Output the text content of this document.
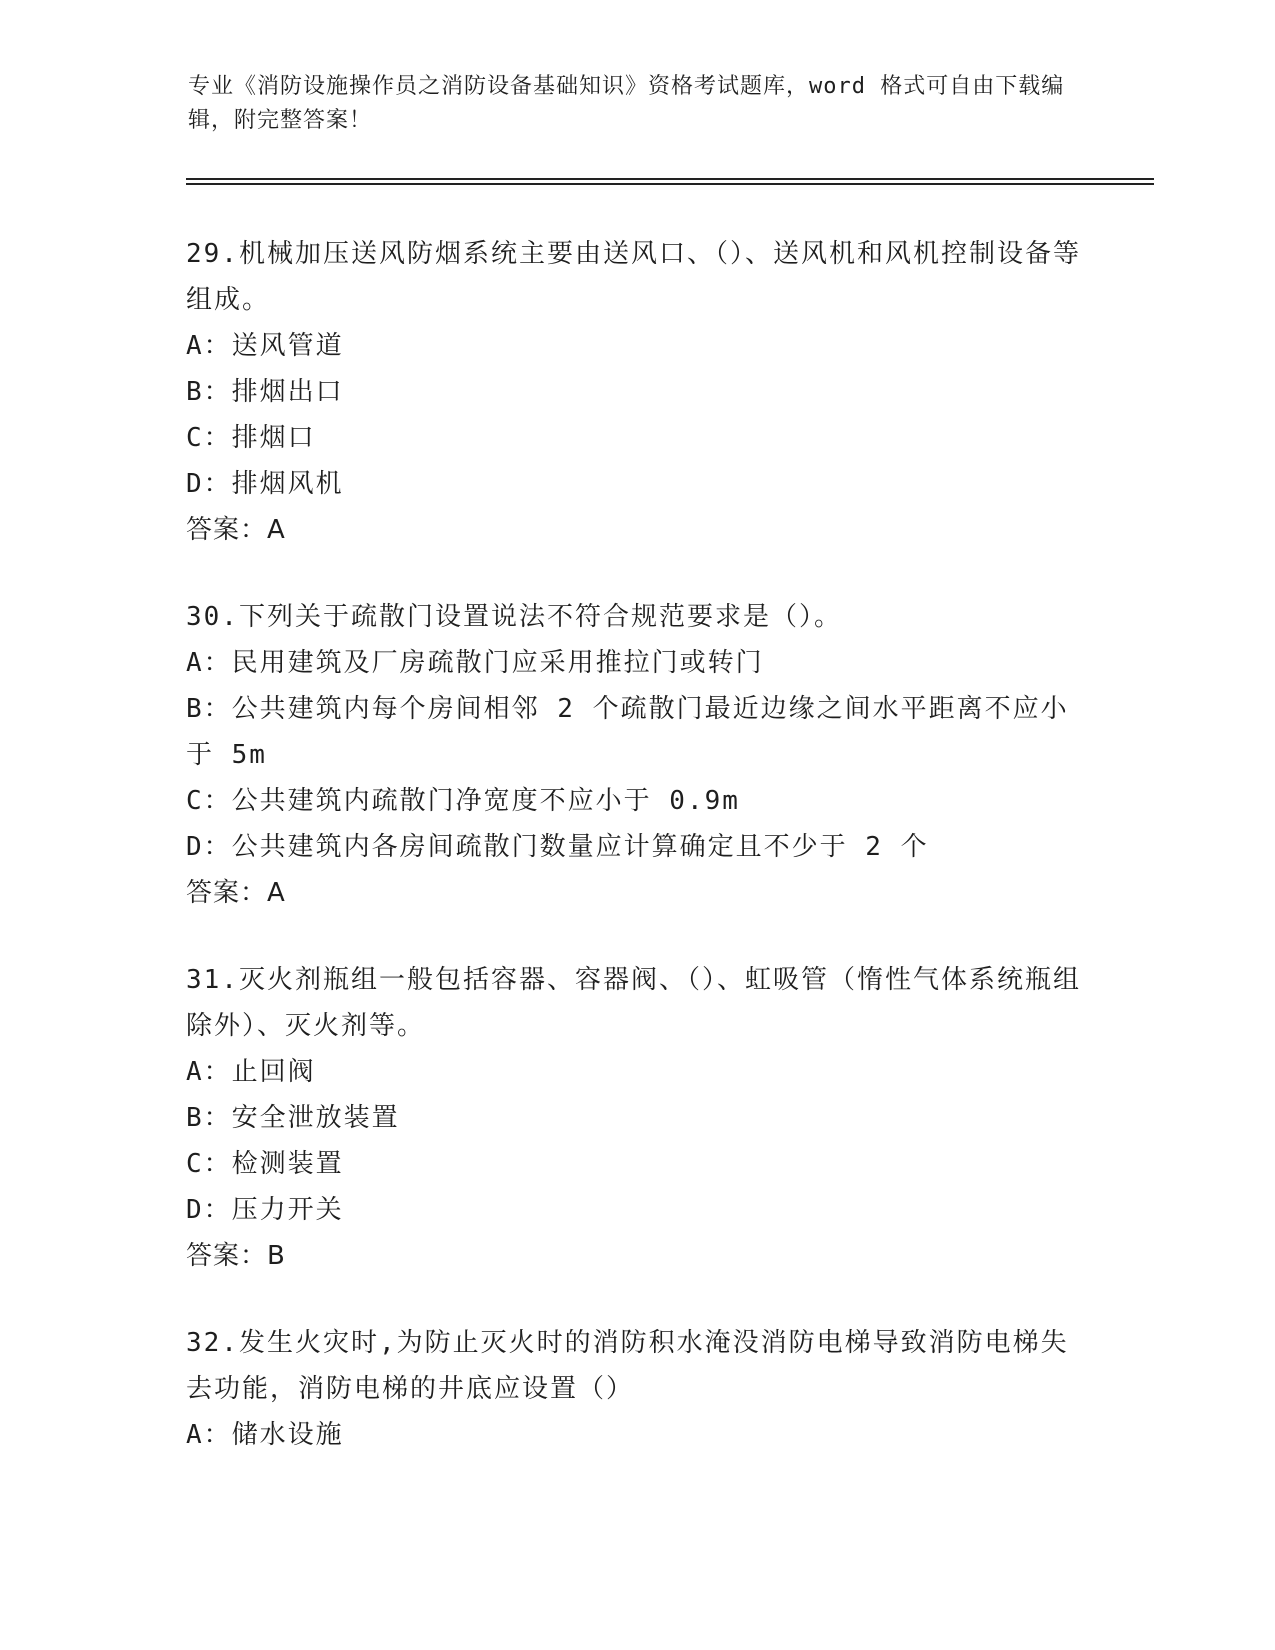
专业《消防设施操作员之消防设备基础知识》资格考试题库，word 格式可自由下载编辑，附完整答案！

29.机械加压送风防烟系统主要由送风口、（）、送风机和风机控制设备等组成。

A：送风管道

B：排烟出口

C：排烟口

D：排烟风机

答案：A

30.下列关于疏散门设置说法不符合规范要求是（）。

A：民用建筑及厂房疏散门应采用推拉门或转门

B：公共建筑内每个房间相邻 2 个疏散门最近边缘之间水平距离不应小于 5m

C：公共建筑内疏散门净宽度不应小于 0.9m

D：公共建筑内各房间疏散门数量应计算确定且不少于 2 个

答案：A

31.灭火剂瓶组一般包括容器、容器阀、（）、虹吸管（惰性气体系统瓶组除外）、灭火剂等。

A：止回阀

B：安全泄放装置

C：检测装置

D：压力开关

答案：B

32.发生火灾时,为防止灭火时的消防积水淹没消防电梯导致消防电梯失去功能，消防电梯的井底应设置（）

A：储水设施
